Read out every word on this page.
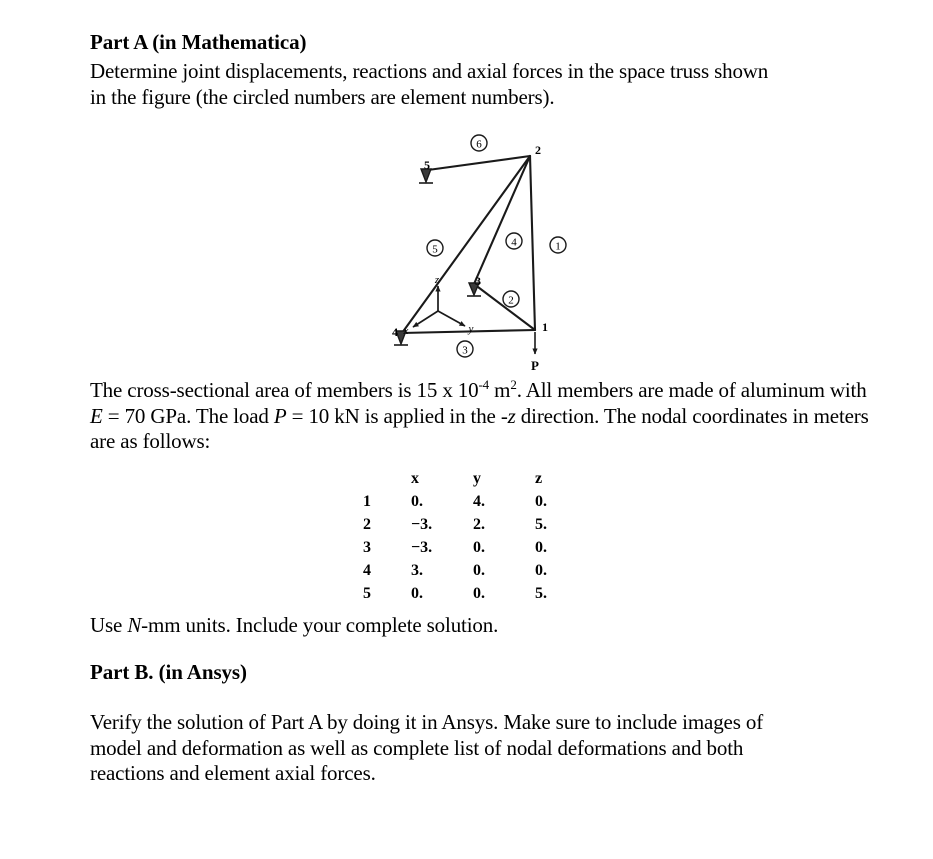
Part A (in Mathematica)

Determine joint displacements, reactions and axial forces in the space truss shown
in the figure (the circled numbers are element numbers).

P
z
x	y	1
2
3
4
5
6
1
4
5
2
3

The cross-sectional area of members is 15 x $10^{-4}$ $m^2$. All members are made of aluminum with E = 70 GPa. The load P = 10 kN is applied in the -z direction. The nodal coordinates in meters are as follows:

	x	y	z
1	0.	4.	0.
2	−3.	2.	5.
3	−3.	0.	0.
4	3.	0.	0.
5	0.	0.	5.

Use N-mm units. Include your complete solution.

Part B. (in Ansys)

Verify the solution of Part A by doing it in Ansys. Make sure to include images of
model and deformation as well as complete list of nodal deformations and both
reactions and element axial forces.
